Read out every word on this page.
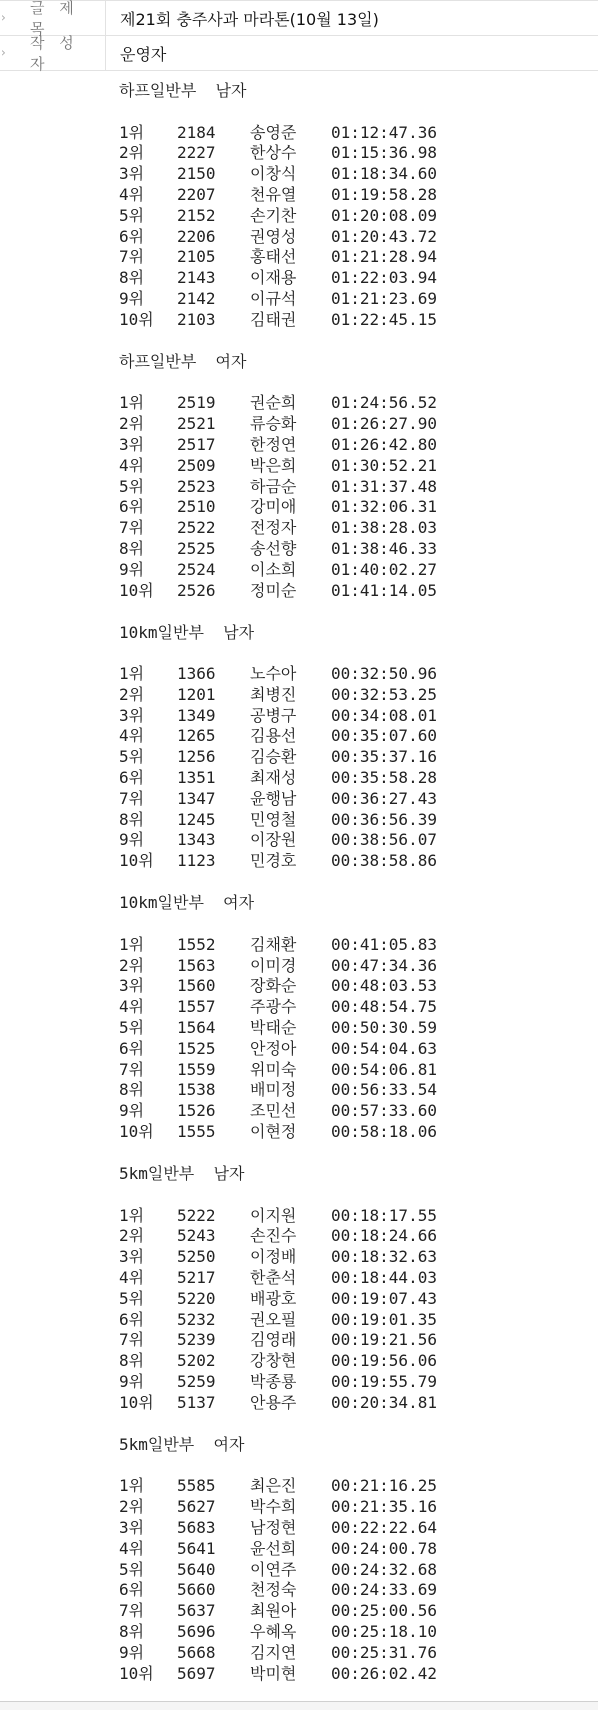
›
글 제 목
제21회 충주사과 마라톤(10월 13일)
›
작 성 자
운영자
하프일반부  남자
1위	2184	송영준	01:12:47.36
2위	2227	한상수	01:15:36.98
3위	2150	이창식	01:18:34.60
4위	2207	천유열	01:19:58.28
5위	2152	손기찬	01:20:08.09
6위	2206	권영성	01:20:43.72
7위	2105	홍태선	01:21:28.94
8위	2143	이재용	01:22:03.94
9위	2142	이규석	01:21:23.69
10위	2103	김태권	01:22:45.15
하프일반부  여자
1위	2519	권순희	01:24:56.52
2위	2521	류승화	01:26:27.90
3위	2517	한정연	01:26:42.80
4위	2509	박은희	01:30:52.21
5위	2523	하금순	01:31:37.48
6위	2510	강미애	01:32:06.31
7위	2522	전정자	01:38:28.03
8위	2525	송선향	01:38:46.33
9위	2524	이소희	01:40:02.27
10위	2526	정미순	01:41:14.05
10km일반부  남자
1위	1366	노수아	00:32:50.96
2위	1201	최병진	00:32:53.25
3위	1349	공병구	00:34:08.01
4위	1265	김용선	00:35:07.60
5위	1256	김승환	00:35:37.16
6위	1351	최재성	00:35:58.28
7위	1347	윤행남	00:36:27.43
8위	1245	민영철	00:36:56.39
9위	1343	이장원	00:38:56.07
10위	1123	민경호	00:38:58.86
10km일반부  여자
1위	1552	김채환	00:41:05.83
2위	1563	이미경	00:47:34.36
3위	1560	장화순	00:48:03.53
4위	1557	주광수	00:48:54.75
5위	1564	박태순	00:50:30.59
6위	1525	안정아	00:54:04.63
7위	1559	위미숙	00:54:06.81
8위	1538	배미정	00:56:33.54
9위	1526	조민선	00:57:33.60
10위	1555	이현정	00:58:18.06
5km일반부  남자
1위	5222	이지원	00:18:17.55
2위	5243	손진수	00:18:24.66
3위	5250	이정배	00:18:32.63
4위	5217	한춘석	00:18:44.03
5위	5220	배광호	00:19:07.43
6위	5232	권오필	00:19:01.35
7위	5239	김영래	00:19:21.56
8위	5202	강창현	00:19:56.06
9위	5259	박종룡	00:19:55.79
10위	5137	안용주	00:20:34.81
5km일반부  여자
1위	5585	최은진	00:21:16.25
2위	5627	박수희	00:21:35.16
3위	5683	남정현	00:22:22.64
4위	5641	윤선희	00:24:00.78
5위	5640	이연주	00:24:32.68
6위	5660	천정숙	00:24:33.69
7위	5637	최원아	00:25:00.56
8위	5696	우혜옥	00:25:18.10
9위	5668	김지연	00:25:31.76
10위	5697	박미현	00:26:02.42
